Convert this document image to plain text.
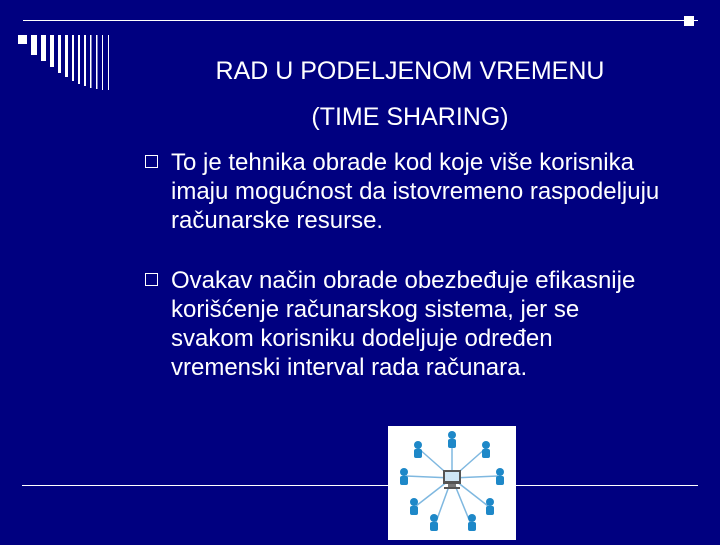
RAD U PODELJENOM VREMENU
(TIME SHARING)
To je tehnika obrade kod koje više korisnika imaju mogućnost da istovremeno raspodeljuju računarske resurse.
Ovakav način obrade obezbeđuje efikasnije korišćenje računarskog sistema, jer se svakom korisniku dodeljuje određen vremenski interval rada računara.
